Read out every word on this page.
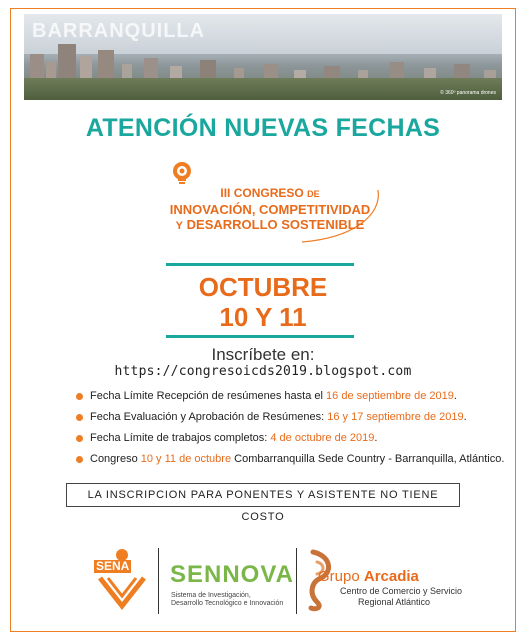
BARRANQUILLA
© 360º panorama drones
ATENCIÓN NUEVAS FECHAS
III CONGRESO DE
INNOVACIÓN, COMPETITIVIDAD
Y DESARROLLO SOSTENIBLE
OCTUBRE
10 Y 11
Inscríbete en:
https://congresoicds2019.blogspot.com
Fecha Límite Recepción de resúmenes hasta el 16 de septiembre de 2019.
Fecha Evaluación y Aprobación de Resúmenes: 16 y 17 septiembre de 2019.
Fecha Límite de trabajos completos: 4 de octubre de 2019.
Congreso 10 y 11 de octubre Combarranquilla Sede Country - Barranquilla, Atlántico.
LA INSCRIPCION PARA PONENTES Y ASISTENTE NO TIENE COSTO
SENA SENNOVA
Sistema de Investigación,
Desarrollo Tecnológico e Innovación
Grupo Arcadia
Centro de Comercio y Servicio
Regional Atlántico
